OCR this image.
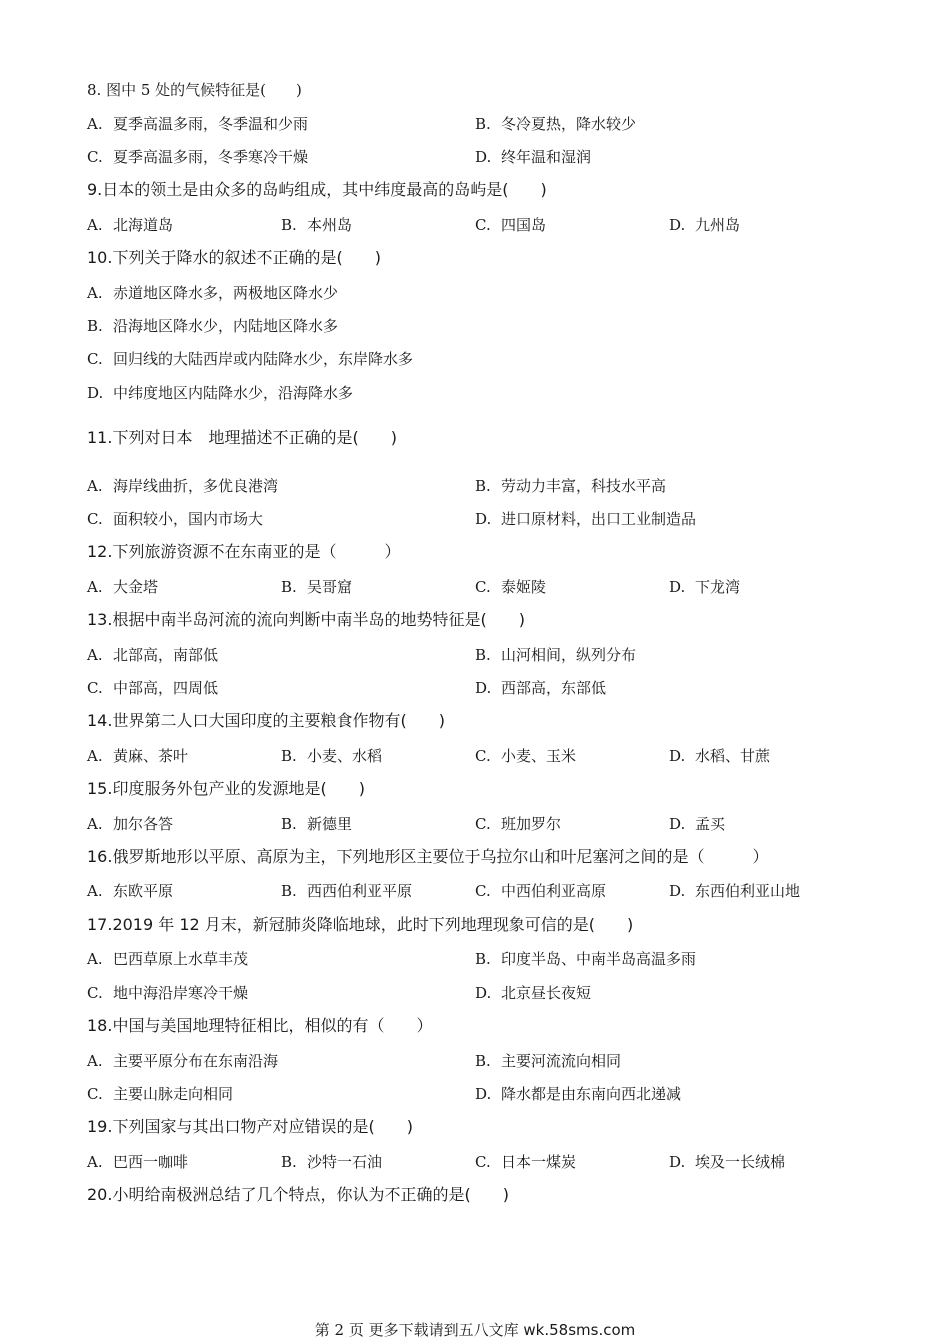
8. 图中 5 处的气候特征是(　　)
A. 夏季高温多雨，冬季温和少雨	B. 冬冷夏热，降水较少
C. 夏季高温多雨，冬季寒冷干燥	D. 终年温和湿润
9.日本的领土是由众多的岛屿组成，其中纬度最高的岛屿是(　　)
A. 北海道岛	B. 本州岛	C. 四国岛	D. 九州岛
10.下列关于降水的叙述不正确的是(　　)
A. 赤道地区降水多，两极地区降水少
B. 沿海地区降水少，内陆地区降水多
C. 回归线的大陆西岸或内陆降水少，东岸降水多
D. 中纬度地区内陆降水少，沿海降水多
11.下列对日本　地理描述不正确的是(　　)
A. 海岸线曲折，多优良港湾	B. 劳动力丰富，科技水平高
C. 面积较小，国内市场大	D. 进口原材料，出口工业制造品
12.下列旅游资源不在东南亚的是（　　　）
A. 大金塔	B. 吴哥窟	C. 泰姬陵	D. 下龙湾
13.根据中南半岛河流的流向判断中南半岛的地势特征是(　　)
A. 北部高，南部低	B. 山河相间，纵列分布
C. 中部高，四周低	D. 西部高，东部低
14.世界第二人口大国印度的主要粮食作物有(　　)
A. 黄麻、茶叶	B. 小麦、水稻	C. 小麦、玉米	D. 水稻、甘蔗
15.印度服务外包产业的发源地是(　　)
A. 加尔各答	B. 新德里	C. 班加罗尔	D. 孟买
16.俄罗斯地形以平原、高原为主，下列地形区主要位于乌拉尔山和叶尼塞河之间的是（　　　）
A. 东欧平原	B. 西西伯利亚平原	C. 中西伯利亚高原	D. 东西伯利亚山地
17.2019 年 12 月末，新冠肺炎降临地球，此时下列地理现象可信的是(　　)
A. 巴西草原上水草丰茂	B. 印度半岛、中南半岛高温多雨
C. 地中海沿岸寒冷干燥	D. 北京昼长夜短
18.中国与美国地理特征相比，相似的有（　　）
A. 主要平原分布在东南沿海	B. 主要河流流向相同
C. 主要山脉走向相同	D. 降水都是由东南向西北递减
19.下列国家与其出口物产对应错误的是(　　)
A. 巴西一咖啡	B. 沙特一石油	C. 日本一煤炭	D. 埃及一长绒棉
20.小明给南极洲总结了几个特点，你认为不正确的是(　　)
第 2 页 更多下载请到五八文库 wk.58sms.com
